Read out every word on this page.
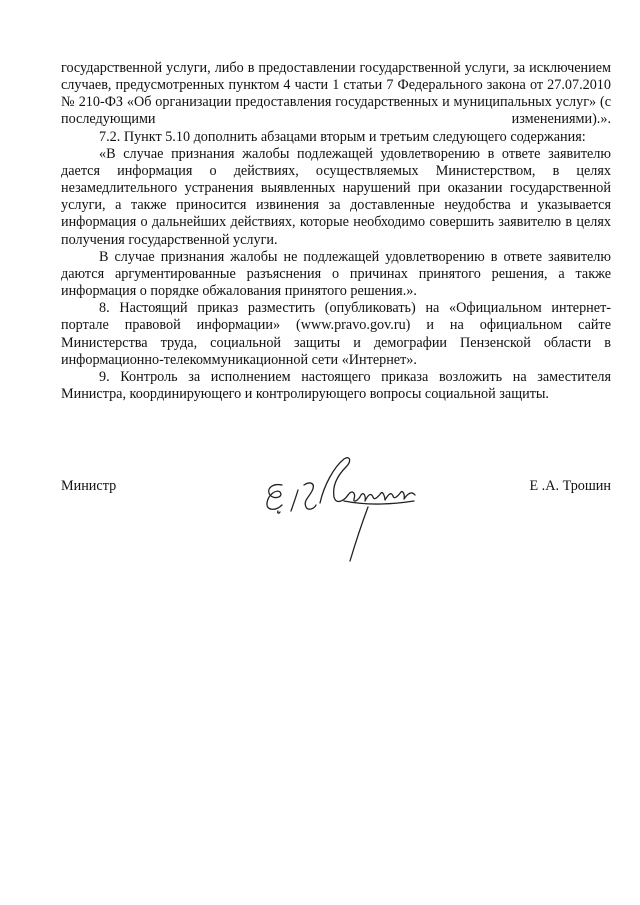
государственной услуги, либо в предоставлении государственной услуги, за исключением случаев, предусмотренных пунктом 4 части 1 статьи 7 Федерального закона от 27.07.2010 № 210-ФЗ «Об организации предоставления государственных и муниципальных услуг» (с последующими изменениями).».

7.2. Пункт 5.10 дополнить абзацами вторым и третьим следующего содержания:

«В случае признания жалобы подлежащей удовлетворению в ответе заявителю дается информация о действиях, осуществляемых Министерством, в целях незамедлительного устранения выявленных нарушений при оказании государственной услуги, а также приносится извинения за доставленные неудобства и указывается информация о дальнейших действиях, которые необходимо совершить заявителю в целях получения государственной услуги.

В случае признания жалобы не подлежащей удовлетворению в ответе заявителю даются аргументированные разъяснения о причинах принятого решения, а также информация о порядке обжалования принятого решения.».

8. Настоящий приказ разместить (опубликовать) на «Официальном интернет-портале правовой информации» (www.pravo.gov.ru) и на официальном сайте Министерства труда, социальной защиты и демографии Пензенской области в информационно-телекоммуникационной сети «Интернет».

9. Контроль за исполнением настоящего приказа возложить на заместителя Министра, координирующего и контролирующего вопросы социальной защиты.

Министр	Е .А. Трошин
